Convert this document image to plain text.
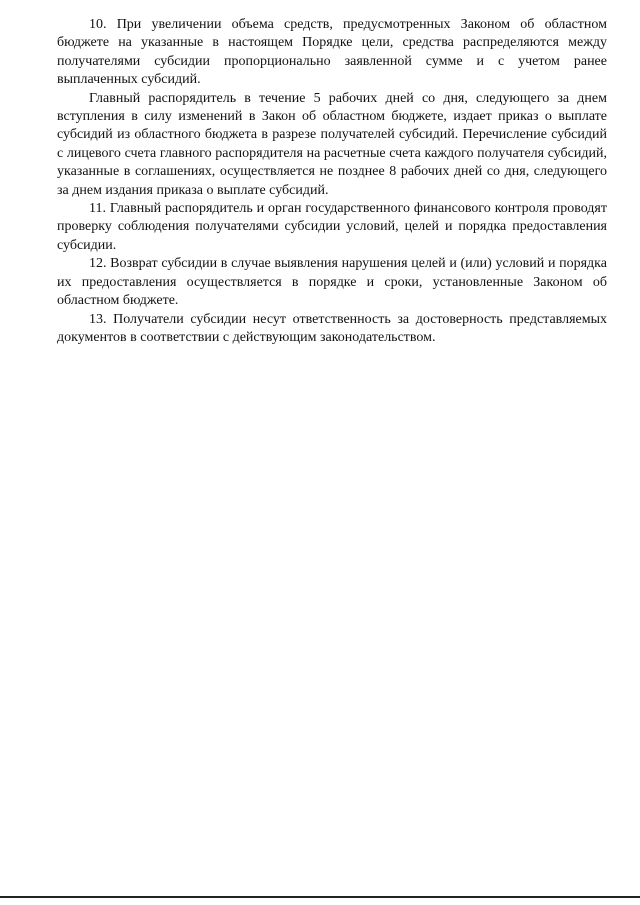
10. При увеличении объема средств, предусмотренных Законом об областном бюджете на указанные в настоящем Порядке цели, средства распределяются между получателями субсидии пропорционально заявленной сумме и с учетом ранее выплаченных субсидий.

Главный распорядитель в течение 5 рабочих дней со дня, следующего за днем вступления в силу изменений в Закон об областном бюджете, издает приказ о выплате субсидий из областного бюджета в разрезе получателей субсидий. Перечисление субсидий с лицевого счета главного распорядителя на расчетные счета каждого получателя субсидий, указанные в соглашениях, осуществляется не позднее 8 рабочих дней со дня, следующего за днем издания приказа о выплате субсидий.

11. Главный распорядитель и орган государственного финансового контроля проводят проверку соблюдения получателями субсидии условий, целей и порядка предоставления субсидии.

12. Возврат субсидии в случае выявления нарушения целей и (или) условий и порядка их предоставления осуществляется в порядке и сроки, установленные Законом об областном бюджете.

13. Получатели субсидии несут ответственность за достоверность представляемых документов в соответствии с действующим законодательством.
